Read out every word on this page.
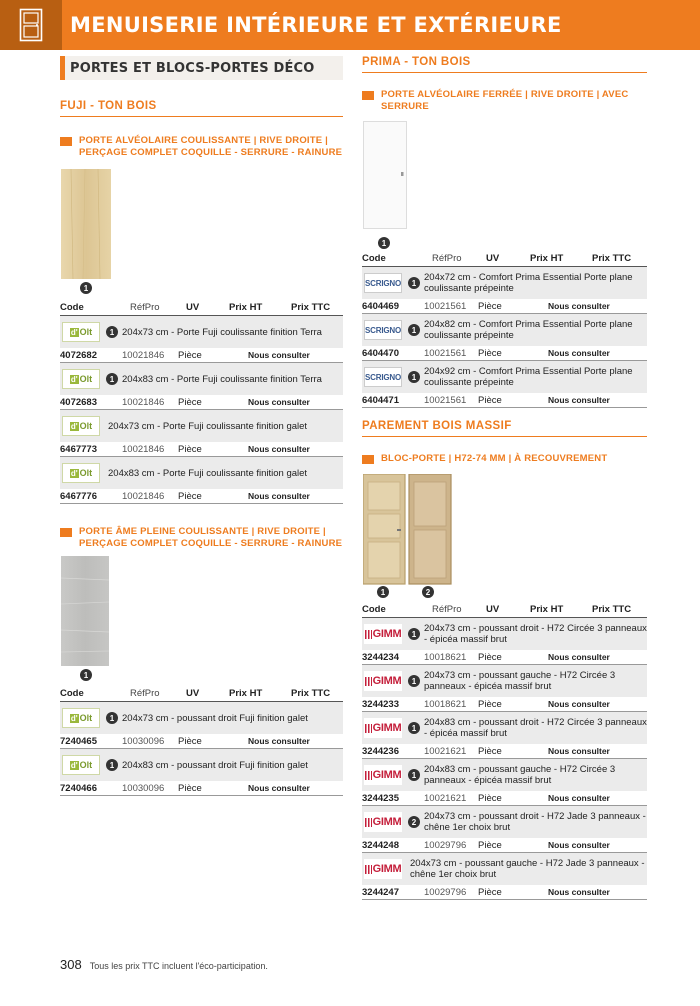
MENUISERIE INTÉRIEURE ET EXTÉRIEURE
PORTES ET BLOCS-PORTES DÉCO
FUJI - TON BOIS
PORTE ALVÉOLAIRE COULISSANTE | RIVE DROITE | PERÇAGE COMPLET COQUILLE - SERRURE - RAINURE
1
Code	RéfPro	UV	Prix HT	Prix TTC
d' Olt	1 204x73 cm - Porte Fuji coulissante finition Terra
4072682	10021846	Pièce	Nous consulter
d' Olt	1 204x83 cm - Porte Fuji coulissante finition Terra
4072683	10021846	Pièce	Nous consulter
d' Olt	204x73 cm - Porte Fuji coulissante finition galet
6467773	10021846	Pièce	Nous consulter
d' Olt	204x83 cm - Porte Fuji coulissante finition galet
6467776	10021846	Pièce	Nous consulter
PORTE ÂME PLEINE COULISSANTE | RIVE DROITE | PERÇAGE COMPLET COQUILLE - SERRURE - RAINURE
1
Code	RéfPro	UV	Prix HT	Prix TTC
d' Olt	1 204x73 cm - poussant droit Fuji finition galet
7240465	10030096	Pièce	Nous consulter
d' Olt	1 204x83 cm - poussant droit Fuji finition galet
7240466	10030096	Pièce	Nous consulter
PRIMA - TON BOIS
PORTE ALVÉOLAIRE FERRÉE | RIVE DROITE | AVEC SERRURE
1
Code	RéfPro	UV	Prix HT	Prix TTC
SCRIGNO	1 204x72 cm - Comfort Prima Essential Porte plane coulissante prépeinte
6404469	10021561	Pièce	Nous consulter
SCRIGNO	1 204x82 cm - Comfort Prima Essential Porte plane coulissante prépeinte
6404470	10021561	Pièce	Nous consulter
SCRIGNO	1 204x92 cm - Comfort Prima Essential Porte plane coulissante prépeinte
6404471	10021561	Pièce	Nous consulter
PAREMENT BOIS MASSIF
BLOC-PORTE | H72-74 MM | À RECOUVREMENT
1	2
Code	RéfPro	UV	Prix HT	Prix TTC
GIMM	1 204x73 cm - poussant droit - H72 Circée 3 panneaux - épicéa massif brut
3244234	10018621	Pièce	Nous consulter
GIMM	1 204x73 cm - poussant gauche - H72 Circée 3 panneaux - épicéa massif brut
3244233	10018621	Pièce	Nous consulter
GIMM	1 204x83 cm - poussant droit - H72 Circée 3 panneaux - épicéa massif brut
3244236	10021621	Pièce	Nous consulter
GIMM	1 204x83 cm - poussant gauche - H72 Circée 3 panneaux - épicéa massif brut
3244235	10021621	Pièce	Nous consulter
GIMM	2 204x73 cm - poussant droit - H72 Jade 3 panneaux - chêne 1er choix brut
3244248	10029796	Pièce	Nous consulter
GIMM 204x73 cm - poussant gauche - H72 Jade 3 panneaux - chêne 1er choix brut
3244247	10029796	Pièce	Nous consulter
308 Tous les prix TTC incluent l'éco-participation.
